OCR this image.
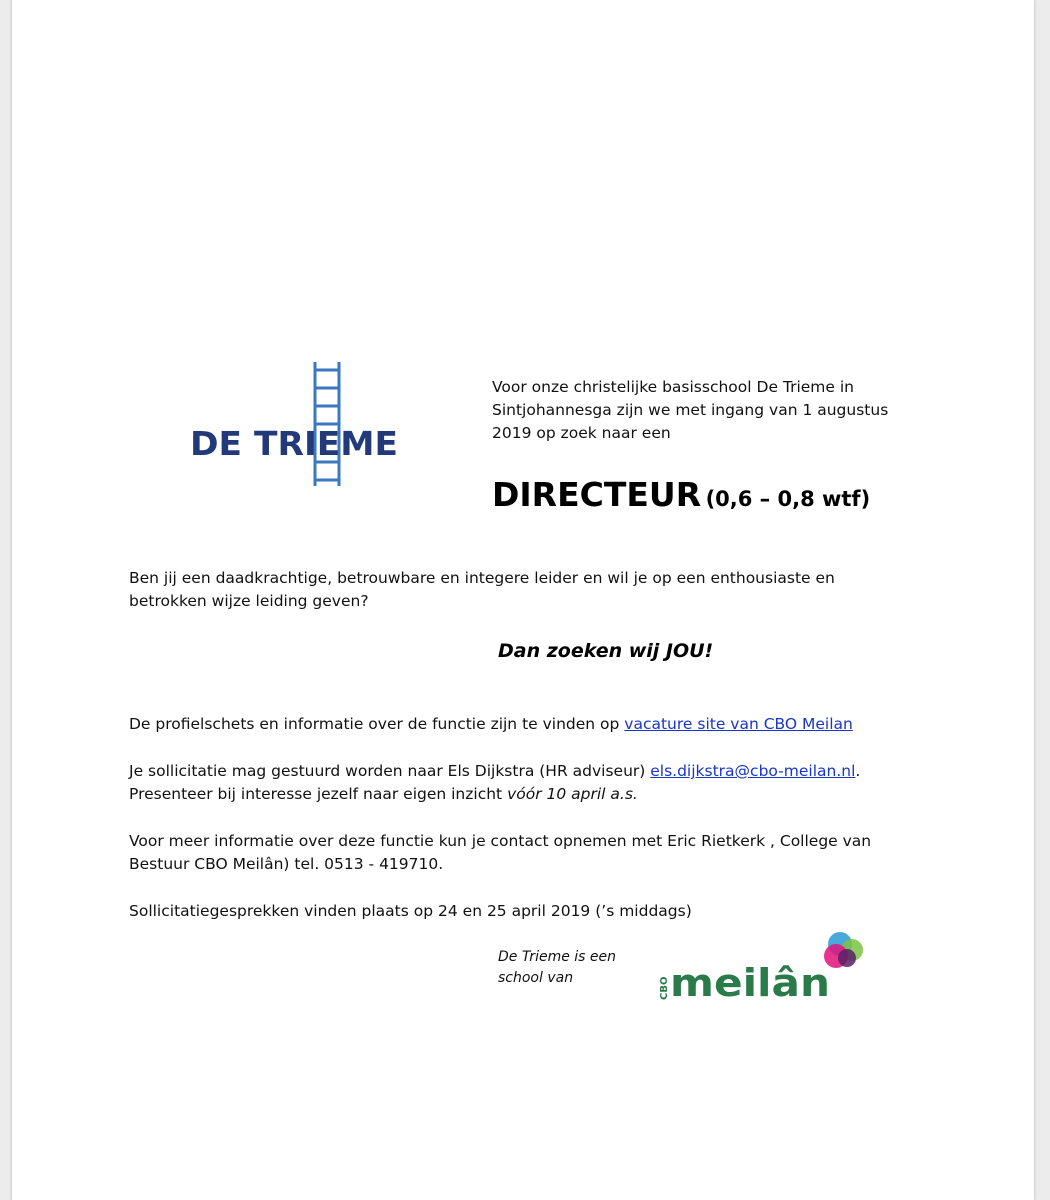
DE TRIEME
Voor onze christelijke basisschool De Trieme in Sintjohannesga zijn we met ingang van 1 augustus 2019 op zoek naar een
DIRECTEUR (0,6 – 0,8 wtf)
Ben jij een daadkrachtige, betrouwbare en integere leider en wil je op een enthousiaste en betrokken wijze leiding geven?
Dan zoeken wij JOU!
De profielschets en informatie over de functie zijn te vinden op vacature site van CBO Meilan
Je sollicitatie mag gestuurd worden naar Els Dijkstra (HR adviseur) els.dijkstra@cbo-meilan.nl.
Presenteer bij interesse jezelf naar eigen inzicht vóór 10 april a.s.
Voor meer informatie over deze functie kun je contact opnemen met Eric Rietkerk , College van Bestuur CBO Meilân) tel. 0513 - 419710.
Sollicitatiegesprekken vinden plaats op 24 en 25 april 2019 (’s middags)
De Trieme is een school van	CBO meilân
